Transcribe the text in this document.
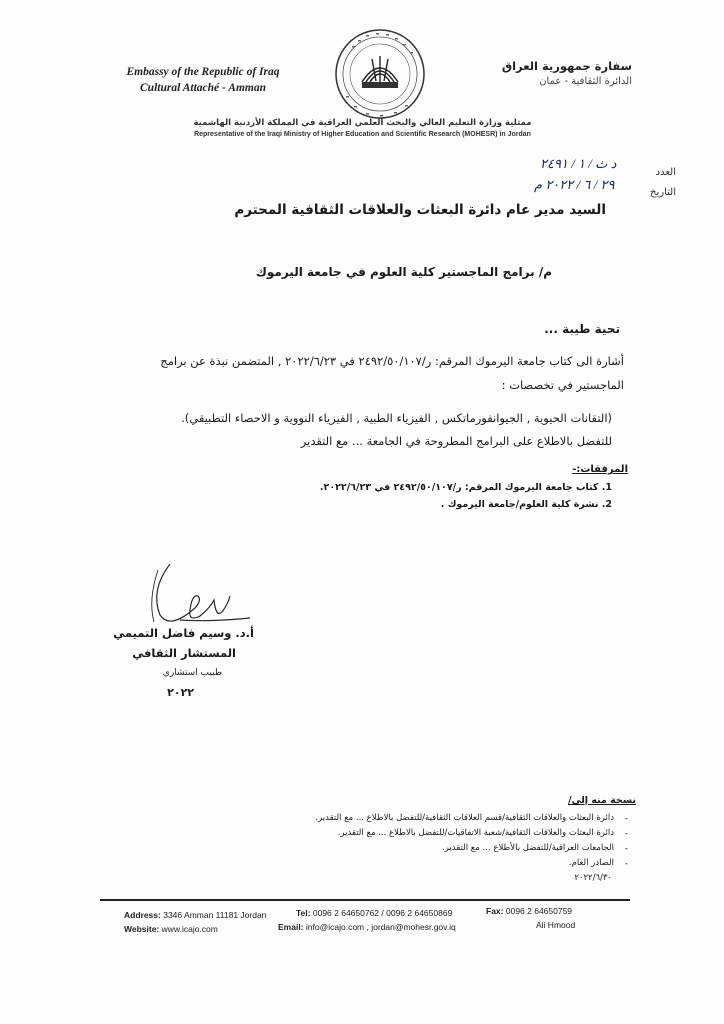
Embassy of the Republic of Iraq
Cultural Attaché - Amman
سفارة جمهورية العراق
الدائرة الثقافية - عمان
ممثلية وزارة التعليم العالي والبحث العلمي العراقية في المملكة الأردنية الهاشمية
Representative of the Iraqi Ministry of Higher Education and Scientific Research (MOHESR) in Jordan
العدد
د ث / ١ / ٢٤٩١
التاريخ
٢٩ / ٦ / ٢٠٢٢ م
السيد مدير عام دائرة البعثات والعلاقات الثقافية المحترم
م/ برامج الماجستير كلية العلوم في جامعة اليرموك
تحية طيبة ...
أشارة الى كتاب جامعة اليرموك المرقم: ر/٢٤٩٢/٥٠/١٠٧ في ٢٠٢٢/٦/٢٣ , المتضمن نبذة عن برامج
الماجستير في تخصصات :
(التقانات الحيوية , الجيوانفورماتكس , الفيزياء الطبية , الفيزياء النووية و الاحصاء التطبيقي).
للتفضل بالاطلاع على البرامج المطروحة في الجامعة ... مع التقدير
المرفقات:-
1. كتاب جامعة اليرموك المرقم: ر/٢٤٩٢/٥٠/١٠٧ في ٢٠٢٢/٦/٢٣.
2. نشرة كلية العلوم/جامعة اليرموك .
أ.د. وسيم فاضل التميمي
المستشار الثقافي
طبيب استشاري
٢٠٢٢
نسخة منه إلى/
-
دائرة البعثات والعلاقات الثقافية/قسم العلاقات الثقافية/للتفضل بالاطلاع ... مع التقدير.
-
دائرة البعثات والعلاقات الثقافية/شعبة الاتفاقيات/للتفضل بالاطلاع ... مع التقدير.
-
الجامعات العراقية/للتفضل بالأطلاع ... مع التقدير.
-
الصادر العام.
٢٠٢٢/٦/٣٠
Address: 3346 Amman 11181 Jordan	Tel: 0096 2 64650762 / 0096 2 64650869	Fax: 0096 2 64650759
Website: www.icajo.com	Email: info@icajo.com , jordan@mohesr.gov.iq	Ali Hmood
